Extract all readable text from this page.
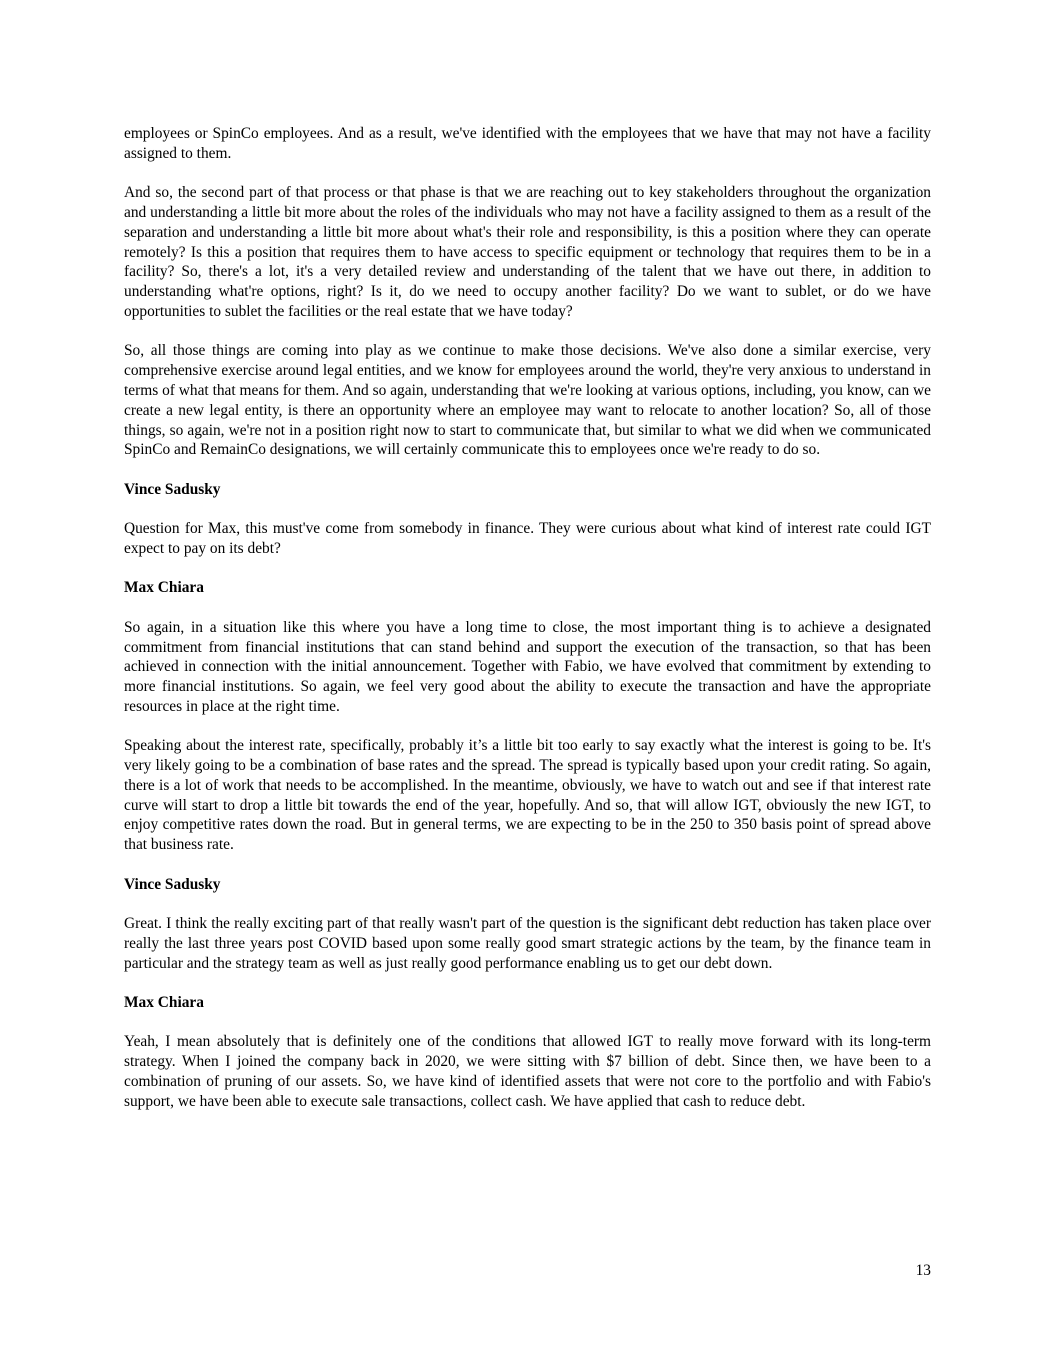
employees or SpinCo employees. And as a result, we've identified with the employees that we have that may not have a facility assigned to them.

And so, the second part of that process or that phase is that we are reaching out to key stakeholders throughout the organization and understanding a little bit more about the roles of the individuals who may not have a facility assigned to them as a result of the separation and understanding a little bit more about what's their role and responsibility, is this a position where they can operate remotely? Is this a position that requires them to have access to specific equipment or technology that requires them to be in a facility? So, there's a lot, it's a very detailed review and understanding of the talent that we have out there, in addition to understanding what're options, right? Is it, do we need to occupy another facility? Do we want to sublet, or do we have opportunities to sublet the facilities or the real estate that we have today?

So, all those things are coming into play as we continue to make those decisions. We've also done a similar exercise, very comprehensive exercise around legal entities, and we know for employees around the world, they're very anxious to understand in terms of what that means for them. And so again, understanding that we're looking at various options, including, you know, can we create a new legal entity, is there an opportunity where an employee may want to relocate to another location? So, all of those things, so again, we're not in a position right now to start to communicate that, but similar to what we did when we communicated SpinCo and RemainCo designations, we will certainly communicate this to employees once we're ready to do so.

Vince Sadusky

Question for Max, this must've come from somebody in finance. They were curious about what kind of interest rate could IGT expect to pay on its debt?

Max Chiara

So again, in a situation like this where you have a long time to close, the most important thing is to achieve a designated commitment from financial institutions that can stand behind and support the execution of the transaction, so that has been achieved in connection with the initial announcement. Together with Fabio, we have evolved that commitment by extending to more financial institutions. So again, we feel very good about the ability to execute the transaction and have the appropriate resources in place at the right time.

Speaking about the interest rate, specifically, probably it’s a little bit too early to say exactly what the interest is going to be. It's very likely going to be a combination of base rates and the spread. The spread is typically based upon your credit rating. So again, there is a lot of work that needs to be accomplished. In the meantime, obviously, we have to watch out and see if that interest rate curve will start to drop a little bit towards the end of the year, hopefully. And so, that will allow IGT, obviously the new IGT, to enjoy competitive rates down the road. But in general terms, we are expecting to be in the 250 to 350 basis point of spread above that business rate.

Vince Sadusky

Great. I think the really exciting part of that really wasn't part of the question is the significant debt reduction has taken place over really the last three years post COVID based upon some really good smart strategic actions by the team, by the finance team in particular and the strategy team as well as just really good performance enabling us to get our debt down.

Max Chiara

Yeah, I mean absolutely that is definitely one of the conditions that allowed IGT to really move forward with its long-term strategy. When I joined the company back in 2020, we were sitting with $7 billion of debt. Since then, we have been to a combination of pruning of our assets. So, we have kind of identified assets that were not core to the portfolio and with Fabio's support, we have been able to execute sale transactions, collect cash. We have applied that cash to reduce debt.

13
